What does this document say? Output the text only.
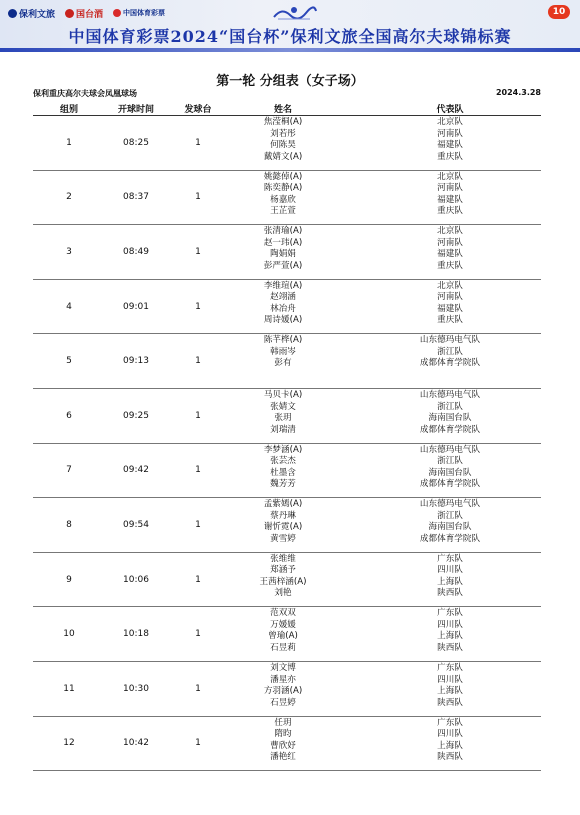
保利文旅 国台酒	中国体育彩票	10
中国体育彩票2024“国台杯”保利文旅全国高尔夫球锦标赛
第一轮 分组表（女子场）
保利重庆高尔夫球会凤凰球场	2024.3.28
组别	开球时间	发球台	姓名	代表队
1	08:25	1
焦滢桐(A)	北京队
刘若彤	河南队
何陈昊	福建队
戴婧文(A)	重庆队
2	08:37	1
姚懿倬(A)	北京队
陈奕静(A)	河南队
杨嘉欣	福建队
王芷萱	重庆队
3	08:49	1
张清瑜(A)	北京队
赵一玮(A)	河南队
陶娟娟	福建队
彭严萱(A)	重庆队
4	09:01	1
李维瑄(A)	北京队
赵翊涵	河南队
林冶舟	福建队
周诗媛(A)	重庆队
5	09:13	1
陈芊桦(A)	山东德玛电气队
韩雨岑	浙江队
彭有	成都体育学院队
6	09:25	1
马贝卡(A)	山东德玛电气队
张婧文	浙江队
张玥	海南国台队
刘瑞清	成都体育学院队
7	09:42	1
李梦涵(A)	山东德玛电气队
张芸杰	浙江队
杜墨含	海南国台队
魏芳芳	成都体育学院队
8	09:54	1
孟紫嫣(A)	山东德玛电气队
蔡丹琳	浙江队
谢忻霓(A)	海南国台队
黄雪婷	成都体育学院队
9	10:06	1
张维维	广东队
郑涵予	四川队
王茜梓涵(A)	上海队
刘艳	陕西队
10	10:18	1
范双双	广东队
万媛媛	四川队
曾瑜(A)	上海队
石昱莉	陕西队
11	10:30	1
刘文博	广东队
潘星亦	四川队
方羽涵(A)	上海队
石昱婷	陕西队
12	10:42	1
任玥	广东队
隋昀	四川队
曹欣妤	上海队
潘艳红	陕西队
